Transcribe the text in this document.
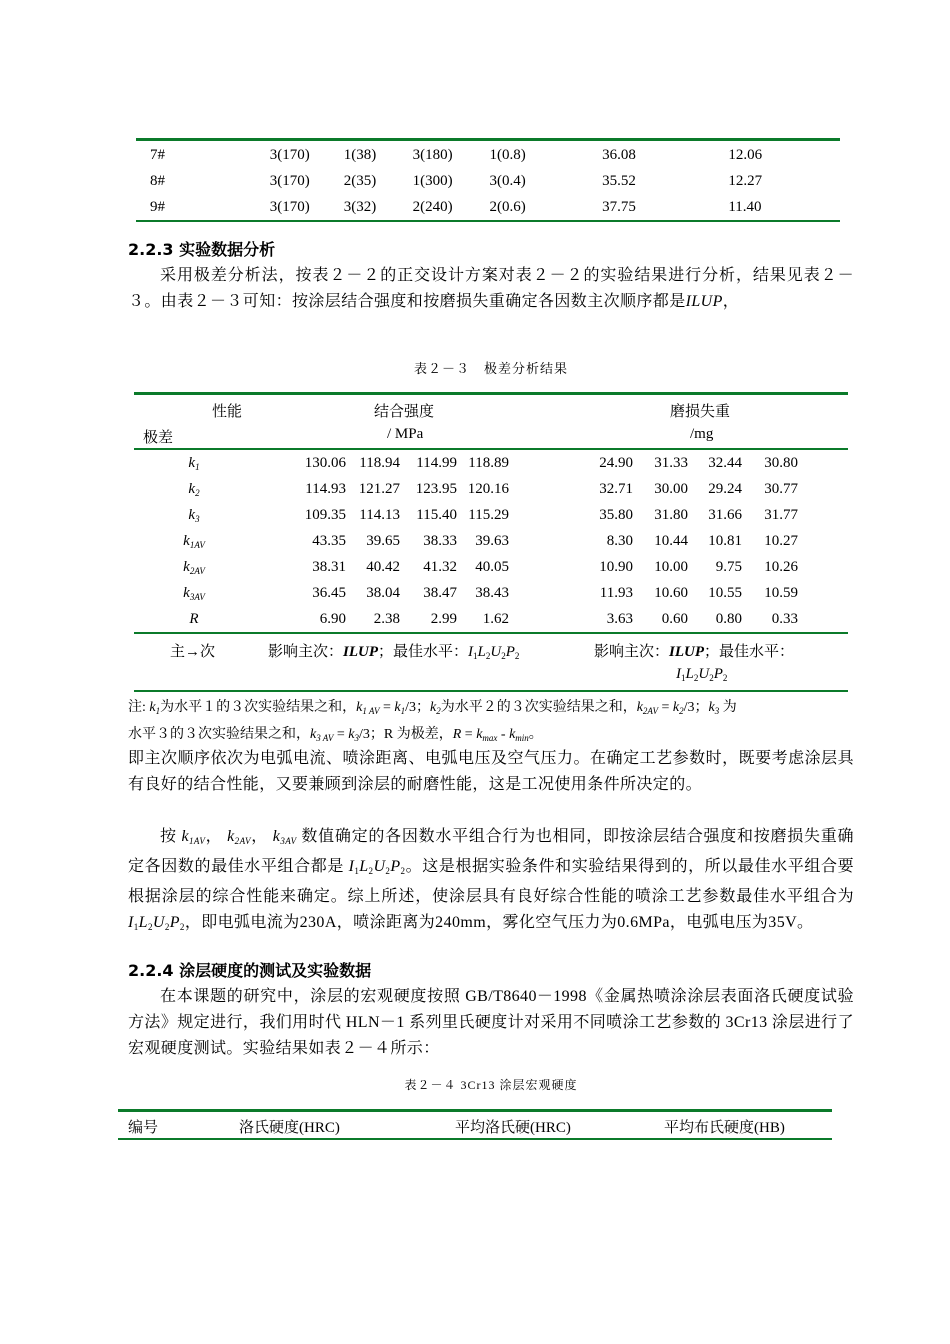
7#	3(170)	1(38)	3(180)	1(0.8)	36.08	12.06
8#	3(170)	2(35)	1(300)	3(0.4)	35.52	12.27
9#	3(170)	3(32)	2(240)	2(0.6)	37.75	11.40
2.2.3 实验数据分析
采用极差分析法，按表２－２的正交设计方案对表２－２的实验结果进行分析，结果见表２－３。由表２－３可知：按涂层结合强度和按磨损失重确定各因数主次顺序都是ILUP，
表２－３　极差分析结果
性能
极差
结合强度
/ MPa
磨损失重
/mg
$k_1$	130.06	118.94	114.99	118.89	24.90	31.33	32.44	30.80	
$k_2$	114.93	121.27	123.95	120.16	32.71	30.00	29.24	30.77	
$k_3$	109.35	114.13	115.40	115.29	35.80	31.80	31.66	31.77	
$k_{1AV}$	43.35	39.65	38.33	39.63	8.30	10.44	10.81	10.27	
$k_{2AV}$	38.31	40.42	41.32	40.05	10.90	10.00	9.75	10.26	
$k_{3AV}$	36.45	38.04	38.47	38.43	11.93	10.60	10.55	10.59	
R	6.90	2.38	2.99	1.62	3.63	0.60	0.80	0.33	
主→次	影响主次：ILUP；最佳水平：$I_1L_2U_2P_2$	影响主次：ILUP；最佳水平：
$I_1L_2U_2P_2$
注: $k_1$为水平１的３次实验结果之和，$k_{1 AV} = k_1/3$；$k_2$为水平２的３次实验结果之和，$k_{2AV} = k_2/3$；$k_3$ 为
水平３的３次实验结果之和，$k_{3 AV} = k_3/3$；R 为极差，$R = k_{max} - k_{min}$。
即主次顺序依次为电弧电流、喷涂距离、电弧电压及空气压力。在确定工艺参数时，既要考虑涂层具有良好的结合性能，又要兼顾到涂层的耐磨性能，这是工况使用条件所决定的。
按 $k_{1AV}$， $k_{2AV}$， $k_{3AV}$ 数值确定的各因数水平组合行为也相同，即按涂层结合强度和按磨损失重确定各因数的最佳水平组合都是 $I_1L_2U_2P_2$。这是根据实验条件和实验结果得到的，所以最佳水平组合要根据涂层的综合性能来确定。综上所述，使涂层具有良好综合性能的喷涂工艺参数最佳水平组合为 $I_1L_2U_2P_2$，即电弧电流为230A，喷涂距离为240mm，雾化空气压力为0.6MPa，电弧电压为35V。
2.2.4 涂层硬度的测试及实验数据
在本课题的研究中，涂层的宏观硬度按照 GB/T8640－1998《金属热喷涂涂层表面洛氏硬度试验方法》规定进行，我们用时代 HLN－1 系列里氏硬度计对采用不同喷涂工艺参数的 3Cr13 涂层进行了宏观硬度测试。实验结果如表２－４所示：
表２－４ 3Cr13 涂层宏观硬度
编号	洛氏硬度(HRC)	平均洛氏硬(HRC)	平均布氏硬度(HB)
